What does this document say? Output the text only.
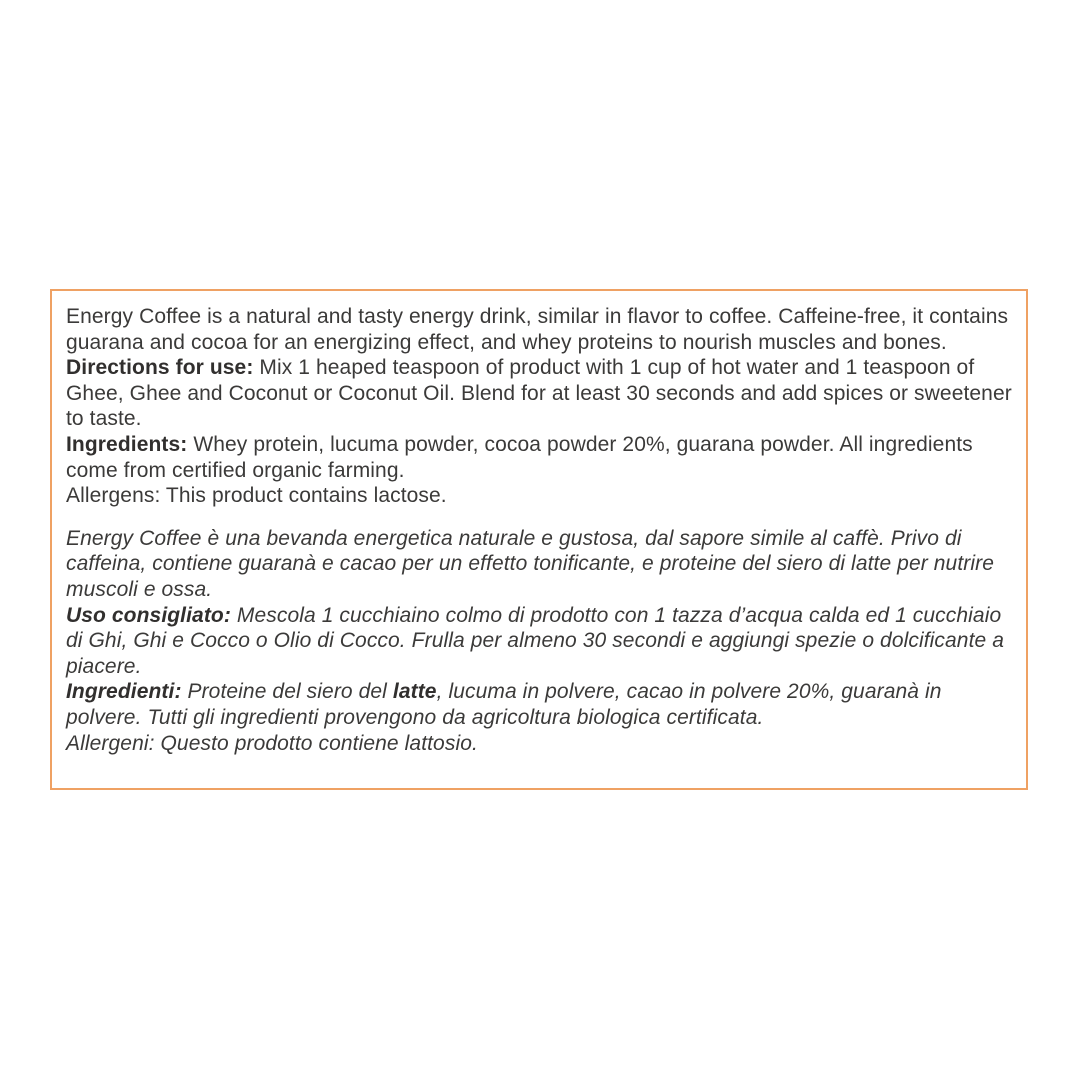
Energy Coffee is a natural and tasty energy drink, similar in flavor to coffee. Caffeine-free, it contains guarana and cocoa for an energizing effect, and whey proteins to nourish muscles and bones.

Directions for use: Mix 1 heaped teaspoon of product with 1 cup of hot water and 1 teaspoon of Ghee, Ghee and Coconut or Coconut Oil. Blend for at least 30 seconds and add spices or sweetener to taste.

Ingredients: Whey protein, lucuma powder, cocoa powder 20%, guarana powder. All ingredients come from certified organic farming.

Allergens: This product contains lactose.

Energy Coffee è una bevanda energetica naturale e gustosa, dal sapore simile al caffè. Privo di caffeina, contiene guaranà e cacao per un effetto tonificante, e proteine del siero di latte per nutrire muscoli e ossa.

Uso consigliato: Mescola 1 cucchiaino colmo di prodotto con 1 tazza d’acqua calda ed 1 cucchiaio di Ghi, Ghi e Cocco o Olio di Cocco. Frulla per almeno 30 secondi e aggiungi spezie o dolcificante a piacere.

Ingredienti: Proteine del siero del latte, lucuma in polvere, cacao in polvere 20%, guaranà in polvere. Tutti gli ingredienti provengono da agricoltura biologica certificata.

Allergeni: Questo prodotto contiene lattosio.
